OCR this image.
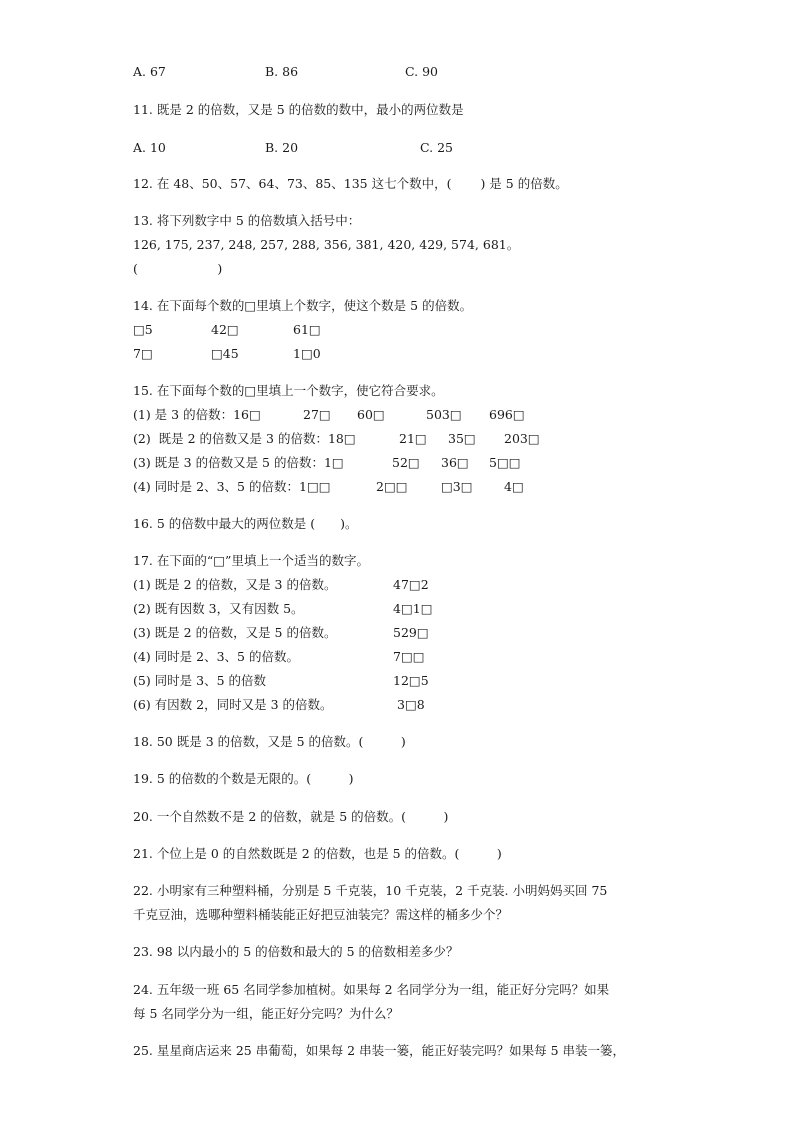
A. 67	B. 86	C. 90
11. 既是 2 的倍数，又是 5 的倍数的数中，最小的两位数是
A. 10	B. 20	C. 25
12. 在 48、50、57、64、73、85、135 这七个数中，(　　 ) 是 5 的倍数。
13. 将下列数字中 5 的倍数填入括号中：
126, 175, 237, 248, 257, 288, 356, 381, 420, 429, 574, 681。
(                    )
14. 在下面每个数的□里填上个数字，使这个数是 5 的倍数。
□5	42□	61□
7□	□45	1□0
15. 在下面每个数的□里填上一个数字，使它符合要求。
(1) 是 3 的倍数：16□	27□ 60□	503□ 696□
(2)  既是 2 的倍数又是 3 的倍数：18□	21□ 35□ 203□
(3) 既是 3 的倍数又是 5 的倍数：1□	52□ 36□ 5□□
(4) 同时是 2、3、5 的倍数：1□□	2□□	□3□	4□
16. 5 的倍数中最大的两位数是 (　　)。
17. 在下面的“□”里填上一个适当的数字。
(1) 既是 2 的倍数，又是 3 的倍数。	47□2
(2) 既有因数 3，又有因数 5。	4□1□
(3) 既是 2 的倍数，又是 5 的倍数。	529□
(4) 同时是 2、3、5 的倍数。	7□□
(5) 同时是 3、5 的倍数	12□5
(6) 有因数 2，同时又是 3 的倍数。	3□8
18. 50 既是 3 的倍数，又是 5 的倍数。(　　　)
19. 5 的倍数的个数是无限的。(　　　)
20. 一个自然数不是 2 的倍数，就是 5 的倍数。(　　　)
21. 个位上是 0 的自然数既是 2 的倍数，也是 5 的倍数。(　　　)
22. 小明家有三种塑料桶，分别是 5 千克装，10 千克装，2 千克装. 小明妈妈买回 75
千克豆油，选哪种塑料桶装能正好把豆油装完？需这样的桶多少个？
23. 98 以内最小的 5 的倍数和最大的 5 的倍数相差多少？
24. 五年级一班 65 名同学参加植树。如果每 2 名同学分为一组，能正好分完吗？如果
每 5 名同学分为一组，能正好分完吗？为什么？
25. 星星商店运来 25 串葡萄，如果每 2 串装一篓，能正好装完吗？如果每 5 串装一篓，
